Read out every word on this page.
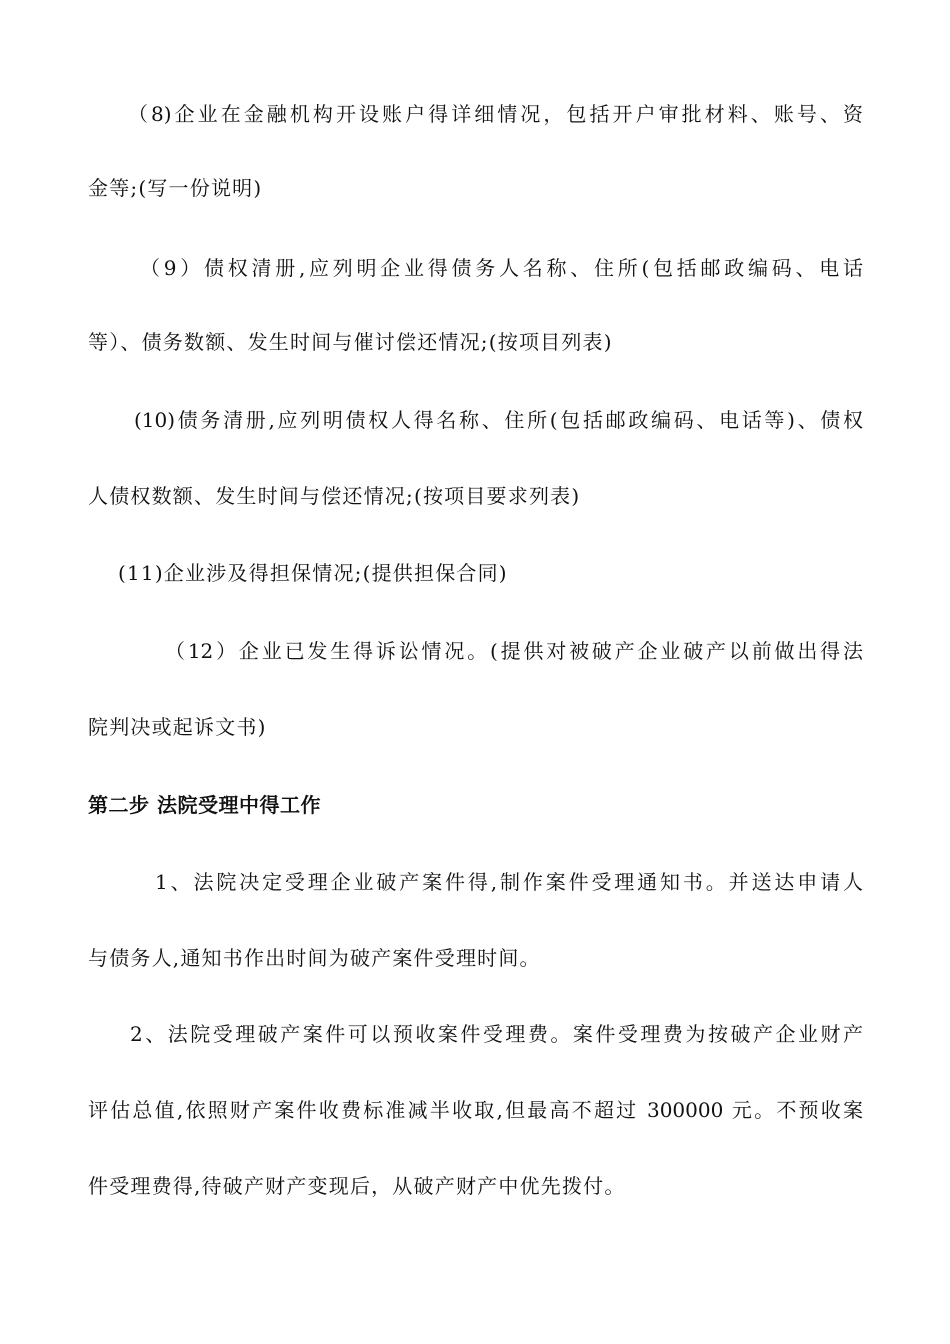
（8)企业在金融机构开设账户得详细情况，包括开户审批材料、账号、资
金等;(写一份说明)
（9）债权清册,应列明企业得债务人名称、住所(包括邮政编码、电话
等）、债务数额、发生时间与催讨偿还情况;(按项目列表)
(10)债务清册,应列明债权人得名称、住所(包括邮政编码、电话等)、债权
人债权数额、发生时间与偿还情况;(按项目要求列表)
(11)企业涉及得担保情况;(提供担保合同)
（12）企业已发生得诉讼情况。(提供对被破产企业破产以前做出得法
院判决或起诉文书)
第二步 法院受理中得工作
1、法院决定受理企业破产案件得,制作案件受理通知书。并送达申请人
与债务人,通知书作出时间为破产案件受理时间。
2、法院受理破产案件可以预收案件受理费。案件受理费为按破产企业财产
评估总值,依照财产案件收费标准减半收取,但最高不超过 300000 元。不预收案
件受理费得,待破产财产变现后，从破产财产中优先拨付。
